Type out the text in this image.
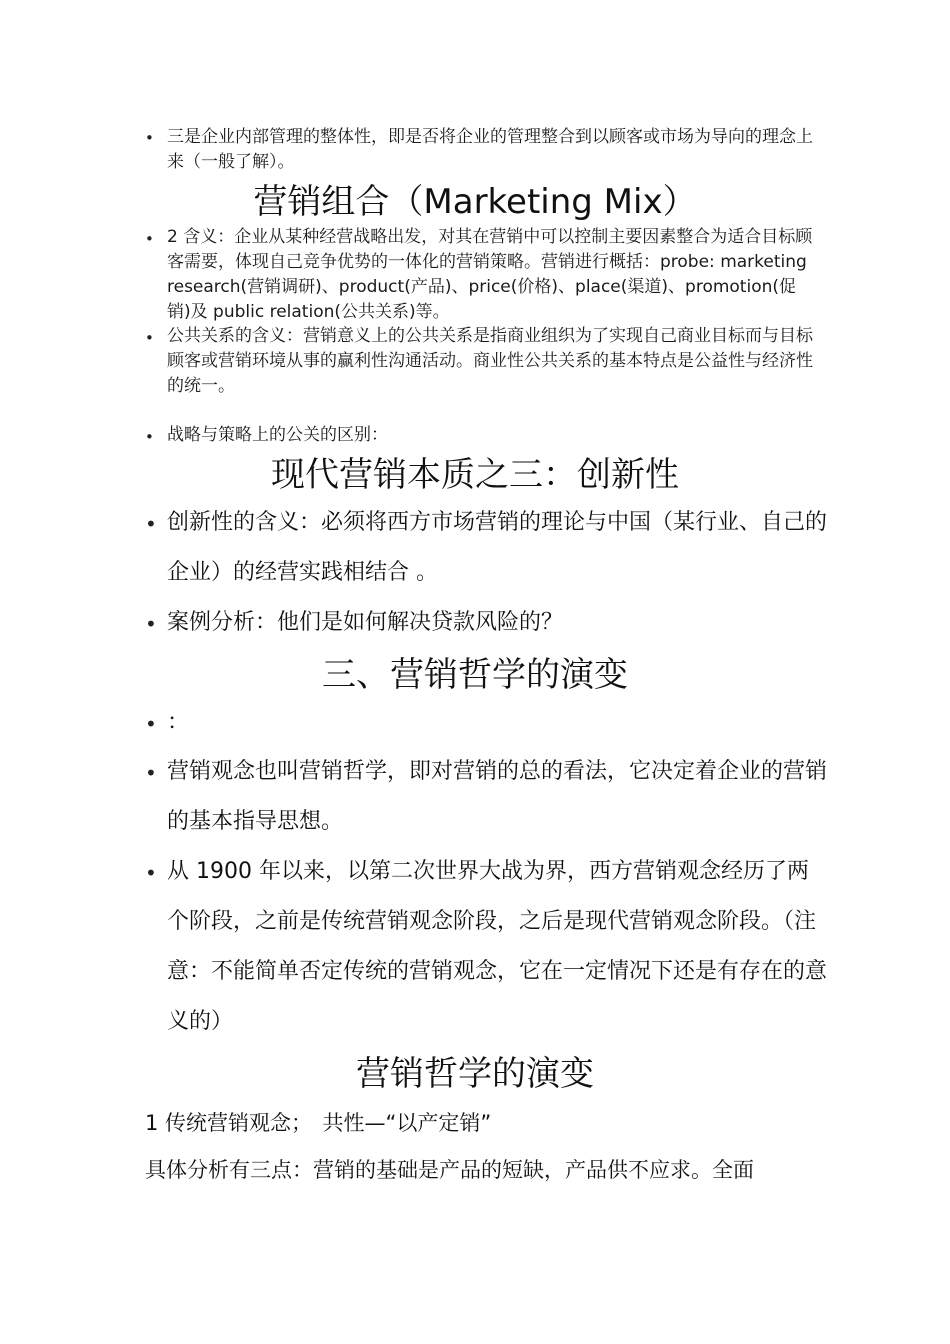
• 三是企业内部管理的整体性，即是否将企业的管理整合到以顾客或市场为导向的理念上来（一般了解）。
营销组合（Marketing Mix）
• 2 含义：企业从某种经营战略出发，对其在营销中可以控制主要因素整合为适合目标顾客需要，体现自己竞争优势的一体化的营销策略。营销进行概括：probe: marketing research(营销调研)、product(产品)、price(价格)、place(渠道)、promotion(促销)及 public relation(公共关系)等。
• 公共关系的含义：营销意义上的公共关系是指商业组织为了实现自己商业目标而与目标顾客或营销环境从事的赢利性沟通活动。商业性公共关系的基本特点是公益性与经济性的统一。
• 战略与策略上的公关的区别：
现代营销本质之三：创新性
• 创新性的含义：必须将西方市场营销的理论与中国（某行业、自己的企业）的经营实践相结合 。
• 案例分析：他们是如何解决贷款风险的？
三、营销哲学的演变
• ：
• 营销观念也叫营销哲学，即对营销的总的看法，它决定着企业的营销的基本指导思想。
• 从 1900 年以来，以第二次世界大战为界，西方营销观念经历了两个阶段，之前是传统营销观念阶段，之后是现代营销观念阶段。（注意：不能简单否定传统的营销观念，它在一定情况下还是有存在的意义的）
营销哲学的演变
1 传统营销观念；　共性—“以产定销”
具体分析有三点：营销的基础是产品的短缺，产品供不应求。全面
